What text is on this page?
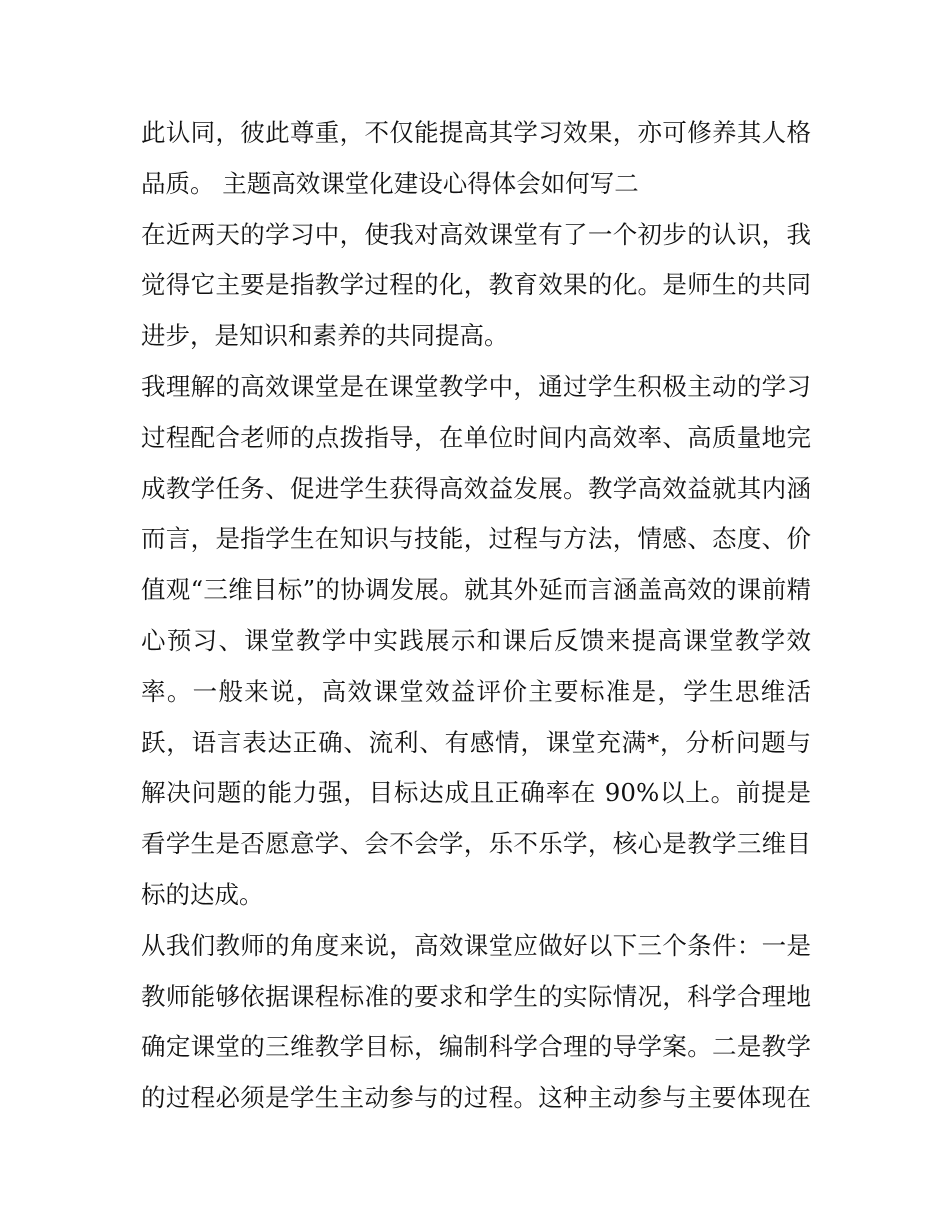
此认同，彼此尊重，不仅能提高其学习效果，亦可修养其人格
品质。 主题高效课堂化建设心得体会如何写二
在近两天的学习中，使我对高效课堂有了一个初步的认识，我
觉得它主要是指教学过程的化，教育效果的化。是师生的共同
进步，是知识和素养的共同提高。
我理解的高效课堂是在课堂教学中，通过学生积极主动的学习
过程配合老师的点拨指导，在单位时间内高效率、高质量地完
成教学任务、促进学生获得高效益发展。教学高效益就其内涵
而言，是指学生在知识与技能，过程与方法，情感、态度、价
值观“三维目标”的协调发展。就其外延而言涵盖高效的课前精
心预习、课堂教学中实践展示和课后反馈来提高课堂教学效
率。一般来说，高效课堂效益评价主要标准是，学生思维活
跃，语言表达正确、流利、有感情，课堂充满*，分析问题与
解决问题的能力强，目标达成且正确率在 90%以上。前提是
看学生是否愿意学、会不会学，乐不乐学，核心是教学三维目
标的达成。
从我们教师的角度来说，高效课堂应做好以下三个条件：一是
教师能够依据课程标准的要求和学生的实际情况，科学合理地
确定课堂的三维教学目标，编制科学合理的导学案。二是教学
的过程必须是学生主动参与的过程。这种主动参与主要体现在
